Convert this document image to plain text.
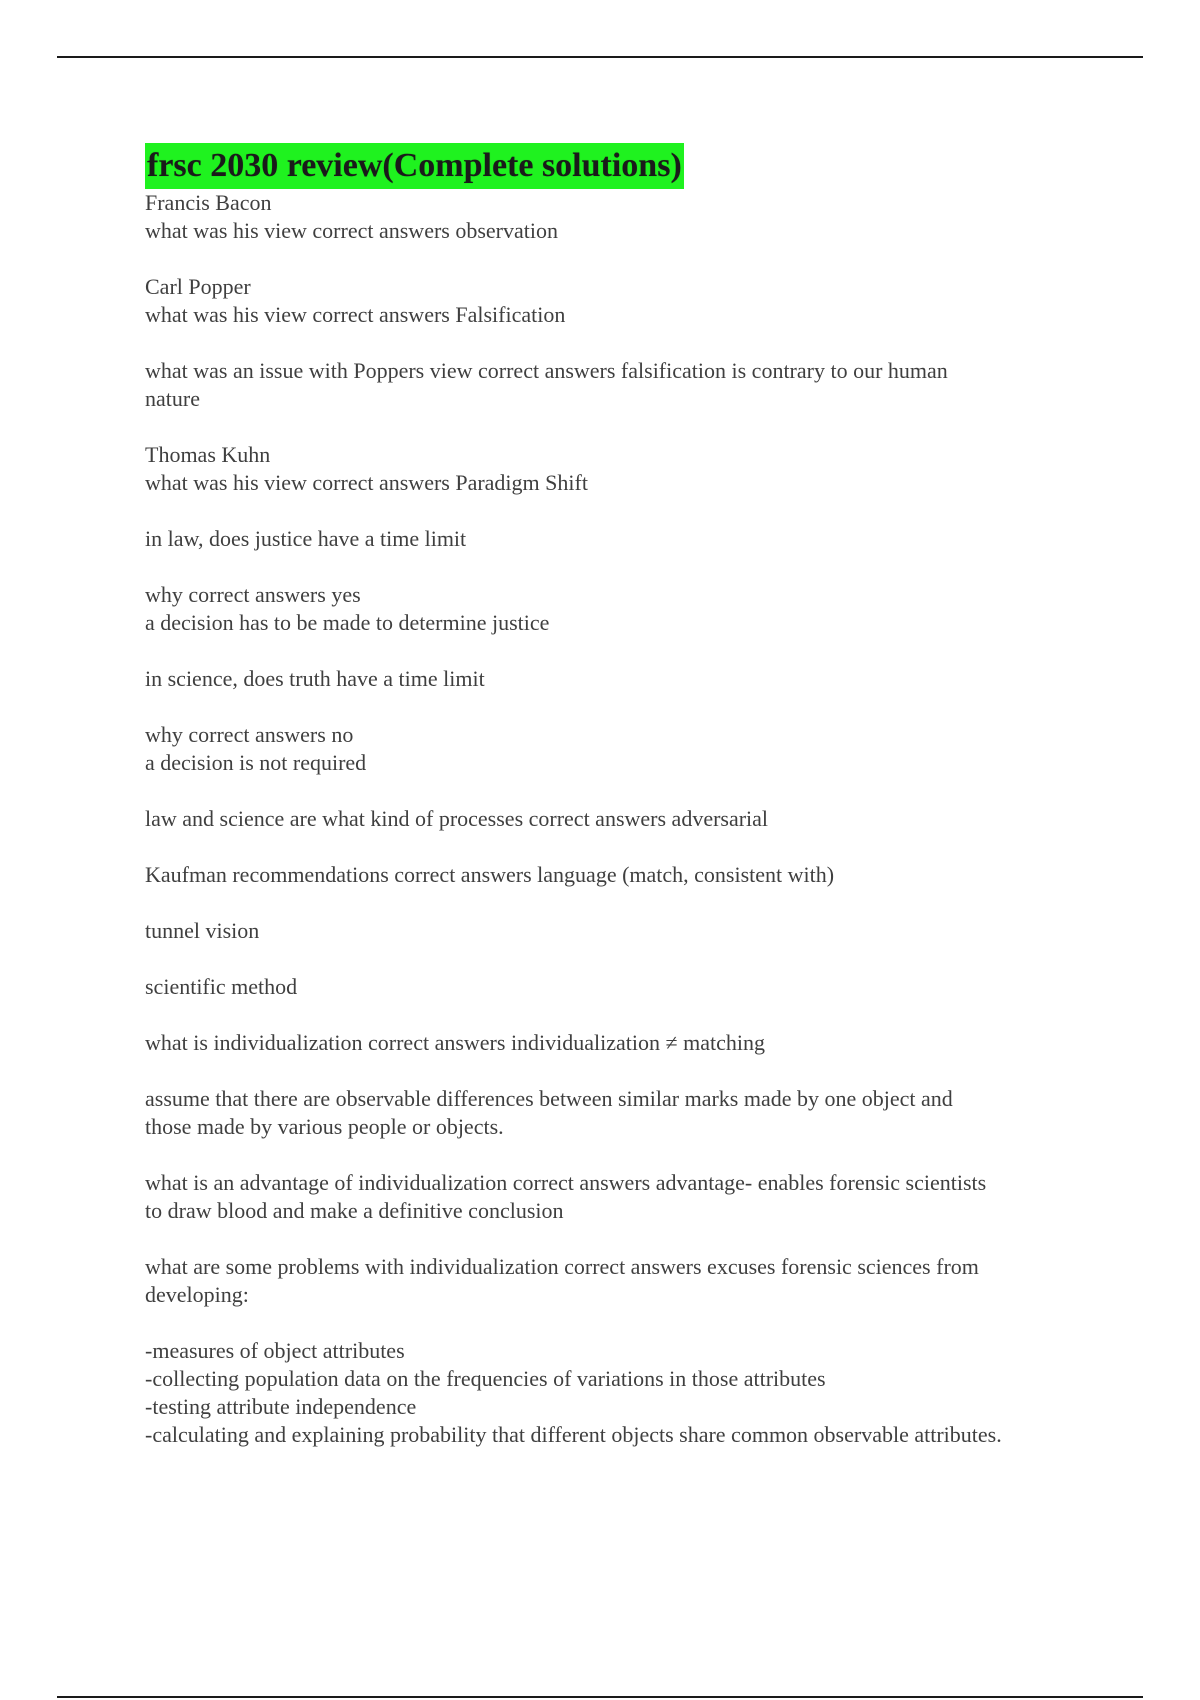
frsc 2030 review(Complete solutions)
Francis Bacon
what was his view correct answers observation
Carl Popper
what was his view correct answers Falsification
what was an issue with Poppers view correct answers falsification is contrary to our human
nature
Thomas Kuhn
what was his view correct answers Paradigm Shift
in law, does justice have a time limit
why correct answers yes
a decision has to be made to determine justice
in science, does truth have a time limit
why correct answers no
a decision is not required
law and science are what kind of processes correct answers adversarial
Kaufman recommendations correct answers language (match, consistent with)
tunnel vision
scientific method
what is individualization correct answers individualization ≠ matching
assume that there are observable differences between similar marks made by one object and
those made by various people or objects.
what is an advantage of individualization correct answers advantage- enables forensic scientists
to draw blood and make a definitive conclusion
what are some problems with individualization correct answers excuses forensic sciences from
developing:
-measures of object attributes
-collecting population data on the frequencies of variations in those attributes
-testing attribute independence
-calculating and explaining probability that different objects share common observable attributes.
